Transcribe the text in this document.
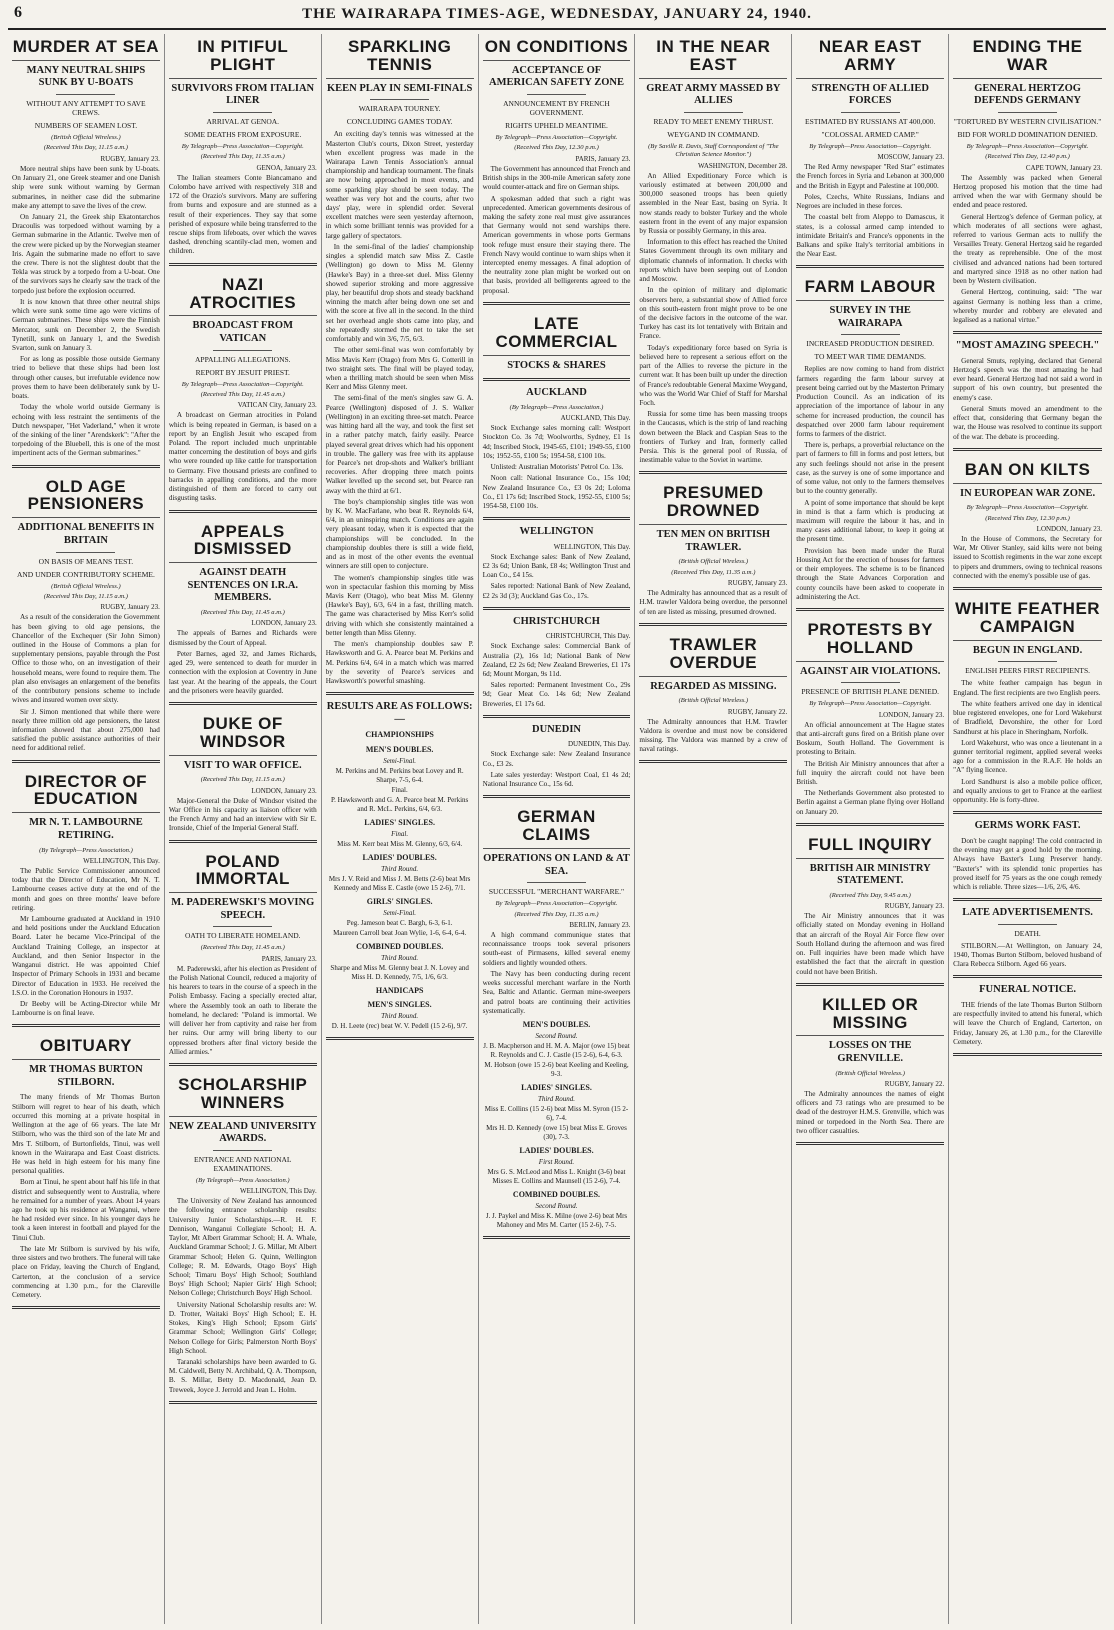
6	THE WAIRARAPA TIMES-AGE, WEDNESDAY, JANUARY 24, 1940.
MURDER AT SEA
MANY NEUTRAL SHIPS SUNK BY U-BOATS
WITHOUT ANY ATTEMPT TO SAVE CREWS.
NUMBERS OF SEAMEN LOST.
(British Official Wireless.)
(Received This Day, 11.15 a.m.)
RUGBY, January 23.

More neutral ships have been sunk by U-boats. On January 21, one Greek steamer and one Danish ship were sunk without warning by German submarines, in neither case did the submarine make any attempt to save the lives of the crew.

On January 21, the Greek ship Ekatontarchos Dracoulis was torpedoed without warning by a German submarine in the Atlantic. Twelve men of the crew were picked up by the Norwegian steamer Iris. Again the submarine made no effort to save the crew. There is not the slightest doubt that the Tekla was struck by a torpedo from a U-boat. One of the survivors says he clearly saw the track of the torpedo just before the explosion occurred.

It is now known that three other neutral ships which were sunk some time ago were victims of German submarines. These ships were the Finnish Mercator, sunk on December 2, the Swedish Tynetill, sunk on January 1, and the Swedish Svarton, sunk on January 3.

For as long as possible those outside Germany tried to believe that these ships had been lost through other causes, but irrefutable evidence now proves them to have been deliberately sunk by U-boats.

Today the whole world outside Germany is echoing with less restraint the sentiments of the Dutch newspaper, "Het Vaderland," when it wrote of the sinking of the liner "Arendskerk": "After the torpedoing of the Bluebell, this is one of the most impertinent acts of the German submarines."

OLD AGE PENSIONERS
ADDITIONAL BENEFITS IN BRITAIN
ON BASIS OF MEANS TEST.
AND UNDER CONTRIBUTORY SCHEME.
(British Official Wireless.)
(Received This Day, 11.15 a.m.)
RUGBY, January 23.

As a result of the consideration the Government has been giving to old age pensions, the Chancellor of the Exchequer (Sir John Simon) outlined in the House of Commons a plan for supplementary pensions, payable through the Post Office to those who, on an investigation of their household means, were found to require them. The plan also envisages an enlargement of the benefits of the contributory pensions scheme to include wives and insured women over sixty.

Sir J. Simon mentioned that while there were nearly three million old age pensioners, the latest information showed that about 275,000 had satisfied the public assistance authorities of their need for additional relief.

DIRECTOR OF EDUCATION
MR N. T. LAMBOURNE RETIRING.
(By Telegraph—Press Association.)
WELLINGTON, This Day.

The Public Service Commissioner announced today that the Director of Education, Mr N. T. Lambourne ceases active duty at the end of the month and goes on three months' leave before retiring.

Mr Lambourne graduated at Auckland in 1910 and held positions under the Auckland Education Board. Later he became Vice-Principal of the Auckland Training College, an inspector at Auckland, and then Senior Inspector in the Wanganui district. He was appointed Chief Inspector of Primary Schools in 1931 and became Director of Education in 1933. He received the I.S.O. in the Coronation Honours in 1937.

Dr Beeby will be Acting-Director while Mr Lambourne is on final leave.

OBITUARY
MR THOMAS BURTON STILBORN.

The many friends of Mr Thomas Burton Stilborn will regret to hear of his death, which occurred this morning at a private hospital in Wellington at the age of 66 years. The late Mr Stilborn, who was the third son of the late Mr and Mrs T. Stilborn, of Burtonfields, Tinui, was well known in the Wairarapa and East Coast districts. He was held in high esteem for his many fine personal qualities.

Born at Tinui, he spent about half his life in that district and subsequently went to Australia, where he remained for a number of years. About 14 years ago he took up his residence at Wanganui, where he had resided ever since. In his younger days he took a keen interest in football and played for the Tinui Club.

The late Mr Stilborn is survived by his wife, three sisters and two brothers. The funeral will take place on Friday, leaving the Church of England, Carterton, at the conclusion of a service commencing at 1.30 p.m., for the Clareville Cemetery.

IN PITIFUL PLIGHT
SURVIVORS FROM ITALIAN LINER
ARRIVAL AT GENOA.
SOME DEATHS FROM EXPOSURE.
By Telegraph—Press Association—Copyright.
(Received This Day, 11.35 a.m.)
GENOA, January 23.

The Italian steamers Conte Biancamano and Colombo have arrived with respectively 318 and 172 of the Orazio's survivors. Many are suffering from burns and exposure and are stunned as a result of their experiences. They say that some perished of exposure while being transferred to the rescue ships from lifeboats, over which the waves dashed, drenching scantily-clad men, women and children.

NAZI ATROCITIES
BROADCAST FROM VATICAN
APPALLING ALLEGATIONS.
REPORT BY JESUIT PRIEST.
By Telegraph—Press Association—Copyright.
(Received This Day, 11.45 a.m.)
VATICAN City, January 23.

A broadcast on German atrocities in Poland which is being repeated in German, is based on a report by an English Jesuit who escaped from Poland. The report included much unprintable matter concerning the destitution of boys and girls who were rounded up like cattle for transportation to Germany. Five thousand priests are confined to barracks in appalling conditions, and the more distinguished of them are forced to carry out disgusting tasks.

APPEALS DISMISSED
AGAINST DEATH SENTENCES ON I.R.A. MEMBERS.
(Received This Day, 11.45 a.m.)
LONDON, January 23.

The appeals of Barnes and Richards were dismissed by the Court of Appeal.

Peter Barnes, aged 32, and James Richards, aged 29, were sentenced to death for murder in connection with the explosion at Coventry in June last year. At the hearing of the appeals, the Court and the prisoners were heavily guarded.

DUKE OF WINDSOR
VISIT TO WAR OFFICE.
(Received This Day, 11.15 a.m.)
LONDON, January 23.

Major-General the Duke of Windsor visited the War Office in his capacity as liaison officer with the French Army and had an interview with Sir E. Ironside, Chief of the Imperial General Staff.

POLAND IMMORTAL
M. PADEREWSKI'S MOVING SPEECH.
OATH TO LIBERATE HOMELAND.
(Received This Day, 11.45 a.m.)
PARIS, January 23.

M. Paderewski, after his election as President of the Polish National Council, reduced a majority of his hearers to tears in the course of a speech in the Polish Embassy. Facing a specially erected altar, where the Assembly took an oath to liberate the homeland, he declared: "Poland is immortal. We will deliver her from captivity and raise her from her ruins. Our army will bring liberty to our oppressed brothers after final victory beside the Allied armies."

SCHOLARSHIP WINNERS
NEW ZEALAND UNIVERSITY AWARDS.
ENTRANCE AND NATIONAL EXAMINATIONS.
(By Telegraph—Press Association.)
WELLINGTON, This Day.

The University of New Zealand has announced the following entrance scholarship results: University Junior Scholarships.—R. H. F. Dennison, Wanganui Collegiate School; H. A. Taylor, Mt Albert Grammar School; H. A. Whale, Auckland Grammar School; J. G. Millar, Mt Albert Grammar School; Helen G. Quinn, Wellington College; R. M. Edwards, Otago Boys' High School; Timaru Boys' High School; Southland Boys' High School; Napier Girls' High School; Nelson College; Christchurch Boys' High School.

University National Scholarship results are: W. D. Trotter, Waitaki Boys' High School; E. H. Stokes, King's High School; Epsom Girls' Grammar School; Wellington Girls' College; Nelson College for Girls; Palmerston North Boys' High School.

Taranaki scholarships have been awarded to G. M. Caldwell, Betty N. Archibald, Q. A. Thompson, B. S. Millar, Betty D. Macdonald, Jean D. Treweek, Joyce J. Jerrold and Jean L. Holm.

SPARKLING TENNIS
KEEN PLAY IN SEMI-FINALS
WAIRARAPA TOURNEY.
CONCLUDING GAMES TODAY.

An exciting day's tennis was witnessed at the Masterton Club's courts, Dixon Street, yesterday when excellent progress was made in the Wairarapa Lawn Tennis Association's annual championship and handicap tournament. The finals are now being approached in most events, and some sparkling play should be seen today. The weather was very hot and the courts, after two days' play, were in splendid order. Several excellent matches were seen yesterday afternoon, in which some brilliant tennis was provided for a large gallery of spectators.

In the semi-final of the ladies' championship singles a splendid match saw Miss Z. Castle (Wellington) go down to Miss M. Glenny (Hawke's Bay) in a three-set duel. Miss Glenny showed superior stroking and more aggressive play, her beautiful drop shots and steady backhand winning the match after being down one set and with the score at five all in the second. In the third set her overhead angle shots came into play, and she repeatedly stormed the net to take the set comfortably and win 3/6, 7/5, 6/3.

The other semi-final was won comfortably by Miss Mavis Kerr (Otago) from Mrs G. Cotterill in two straight sets. The final will be played today, when a thrilling match should be seen when Miss Kerr and Miss Glenny meet.

The semi-final of the men's singles saw G. A. Pearce (Wellington) disposed of J. S. Walker (Wellington) in an exciting three-set match. Pearce was hitting hard all the way, and took the first set in a rather patchy match, fairly easily. Pearce played several great drives which had his opponent in trouble. The gallery was free with its applause for Pearce's net drop-shots and Walker's brilliant recoveries. After dropping three match points Walker levelled up the second set, but Pearce ran away with the third at 6/1.

The boy's championship singles title was won by K. W. MacFarlane, who beat R. Reynolds 6/4, 6/4, in an uninspiring match. Conditions are again very pleasant today, when it is expected that the championships will be concluded. In the championship doubles there is still a wide field, and as in most of the other events the eventual winners are still open to conjecture.

The women's championship singles title was won in spectacular fashion this morning by Miss Mavis Kerr (Otago), who beat Miss M. Glenny (Hawke's Bay), 6/3, 6/4 in a fast, thrilling match. The game was characterised by Miss Kerr's solid driving with which she consistently maintained a better length than Miss Glenny.

The men's championship doubles saw P. Hawksworth and G. A. Pearce beat M. Perkins and M. Perkins 6/4, 6/4 in a match which was marred by the severity of Pearce's services and Hawksworth's powerful smashing.

RESULTS ARE AS FOLLOWS:—
CHAMPIONSHIPS
MEN'S DOUBLES.
Semi-Final.
M. Perkins and M. Perkins beat Lovey and R. Sharpe, 7-5, 6-4.
Final.
P. Hawksworth and G. A. Pearce beat M. Perkins and R. McL. Perkins, 6/4, 6/3.
LADIES' SINGLES.
Final.
Miss M. Kerr beat Miss M. Glenny, 6/3, 6/4.
LADIES' DOUBLES.
Third Round.
Mrs J. V. Reid and Miss J. M. Betts (2-6) beat Mrs Kennedy and Miss E. Castle (owe 15 2-6), 7/1.
GIRLS' SINGLES.
Semi-Final.
Peg. Jameson beat C. Bargh, 6-3, 6-1.
Maureen Carroll beat Joan Wylie, 1-6, 6-4, 6-4.
COMBINED DOUBLES.
Third Round.
Sharpe and Miss M. Glenny beat J. N. Lovey and Miss H. D. Kennedy, 7/5, 1/6, 6/3.
HANDICAPS
MEN'S SINGLES.
Third Round.
D. H. Leete (rec) beat W. V. Pedell (15 2-6), 9/7.
ON CONDITIONS
ACCEPTANCE OF AMERICAN SAFETY ZONE
ANNOUNCEMENT BY FRENCH GOVERNMENT.
RIGHTS UPHELD MEANTIME.
By Telegraph—Press Association—Copyright.
(Received This Day, 12.30 p.m.)
PARIS, January 23.

The Government has announced that French and British ships in the 300-mile American safety zone would counter-attack and fire on German ships.

A spokesman added that such a right was unprecedented. American governments desirous of making the safety zone real must give assurances that Germany would not send warships there. American governments in whose ports Germans took refuge must ensure their staying there. The French Navy would continue to warn ships when it intercepted enemy messages. A final adoption of the neutrality zone plan might be worked out on that basis, provided all belligerents agreed to the proposal.

LATE COMMERCIAL
STOCKS & SHARES
AUCKLAND
(By Telegraph—Press Association.)
AUCKLAND, This Day.

Stock Exchange sales morning call: Westport Stockton Co. 3s 7d; Woolworths, Sydney, £1 1s 4d; Inscribed Stock, 1945-65, £101; 1949-55, £100 10s; 1952-55, £100 5s; 1954-58, £100 10s.

Unlisted: Australian Motorists' Petrol Co. 13s.

Noon call: National Insurance Co., 15s 10d; New Zealand Insurance Co., £3 0s 2d; Loloma Co., £1 17s 6d; Inscribed Stock, 1952-55, £100 5s; 1954-58, £100 10s.

WELLINGTON
WELLINGTON, This Day.

Stock Exchange sales: Bank of New Zealand, £2 3s 6d; Union Bank, £8 4s; Wellington Trust and Loan Co., £4 15s.

Sales reported: National Bank of New Zealand, £2 2s 3d (3); Auckland Gas Co., 17s.

CHRISTCHURCH
CHRISTCHURCH, This Day.

Stock Exchange sales: Commercial Bank of Australia (2), 16s 1d; National Bank of New Zealand, £2 2s 6d; New Zealand Breweries, £1 17s 6d; Mount Morgan, 9s 11d.

Sales reported: Permanent Investment Co., 29s 9d; Gear Meat Co. 14s 6d; New Zealand Breweries, £1 17s 6d.

DUNEDIN
DUNEDIN, This Day.

Stock Exchange sale: New Zealand Insurance Co., £3 2s.

Late sales yesterday: Westport Coal, £1 4s 2d; National Insurance Co., 15s 6d.

GERMAN CLAIMS
OPERATIONS ON LAND & AT SEA.
SUCCESSFUL "MERCHANT WARFARE."
By Telegraph—Press Association—Copyright.
(Received This Day, 11.35 a.m.)
BERLIN, January 23.

A high command communique states that reconnaissance troops took several prisoners south-east of Pirmasens, killed several enemy soldiers and lightly wounded others.

The Navy has been conducting during recent weeks successful merchant warfare in the North Sea, Baltic and Atlantic. German mine-sweepers and patrol boats are continuing their activities systematically.

MEN'S DOUBLES.
Second Round.
J. B. Macpherson and H. M. A. Major (owe 15) beat R. Reynolds and C. J. Castle (15 2-6), 6-4, 6-3.
M. Hobson (owe 15 2-6) beat Keeling and Keeling, 9-3.
LADIES' SINGLES.
Third Round.
Miss E. Collins (15 2-6) beat Miss M. Syron (15 2-6), 7-4.
Mrs H. D. Kennedy (owe 15) beat Miss E. Groves (30), 7-3.
LADIES' DOUBLES.
First Round.
Mrs G. S. McLeod and Miss L. Knight (3-6) beat Misses E. Collins and Maunsell (15 2-6), 7-4.
COMBINED DOUBLES.
Second Round.
J. J. Paykel and Miss K. Milne (owe 2-6) beat Mrs Mahoney and Mrs M. Carter (15 2-6), 7-5.
IN THE NEAR EAST
GREAT ARMY MASSED BY ALLIES
READY TO MEET ENEMY THRUST.
WEYGAND IN COMMAND.
(By Saville R. Davis, Staff Correspondent of "The Christian Science Monitor.")
WASHINGTON, December 28.

An Allied Expeditionary Force which is variously estimated at between 200,000 and 300,000 seasoned troops has been quietly assembled in the Near East, basing on Syria. It now stands ready to bolster Turkey and the whole eastern front in the event of any major expansion by Russia or possibly Germany, in this area.

Information to this effect has reached the United States Government through its own military and diplomatic channels of information. It checks with reports which have been seeping out of London and Moscow.

In the opinion of military and diplomatic observers here, a substantial show of Allied force on this south-eastern front might prove to be one of the decisive factors in the outcome of the war. Turkey has cast its lot tentatively with Britain and France.

Today's expeditionary force based on Syria is believed here to represent a serious effort on the part of the Allies to reverse the picture in the current war. It has been built up under the direction of France's redoubtable General Maxime Weygand, who was the World War Chief of Staff for Marshal Foch.

Russia for some time has been massing troops in the Caucasus, which is the strip of land reaching down between the Black and Caspian Seas to the frontiers of Turkey and Iran, formerly called Persia. This is the general pool of Russia, of inestimable value to the Soviet in wartime.

PRESUMED DROWNED
TEN MEN ON BRITISH TRAWLER.
(British Official Wireless.)
(Received This Day, 11.35 a.m.)
RUGBY, January 23.

The Admiralty has announced that as a result of H.M. trawler Valdora being overdue, the personnel of ten are listed as missing, presumed drowned.

TRAWLER OVERDUE
REGARDED AS MISSING.
(British Official Wireless.)
RUGBY, January 22.

The Admiralty announces that H.M. Trawler Valdora is overdue and must now be considered missing. The Valdora was manned by a crew of naval ratings.

NEAR EAST ARMY
STRENGTH OF ALLIED FORCES
ESTIMATED BY RUSSIANS AT 400,000.
"COLOSSAL ARMED CAMP."
By Telegraph—Press Association—Copyright.
MOSCOW, January 23.

The Red Army newspaper "Red Star" estimates the French forces in Syria and Lebanon at 300,000 and the British in Egypt and Palestine at 100,000.

Poles, Czechs, White Russians, Indians and Negroes are included in these forces.

The coastal belt from Aleppo to Damascus, it states, is a colossal armed camp intended to intimidate Britain's and France's opponents in the Balkans and spike Italy's territorial ambitions in the Near East.

FARM LABOUR
SURVEY IN THE WAIRARAPA
INCREASED PRODUCTION DESIRED.
TO MEET WAR TIME DEMANDS.

Replies are now coming to hand from district farmers regarding the farm labour survey at present being carried out by the Masterton Primary Production Council. As an indication of its appreciation of the importance of labour in any scheme for increased production, the council has despatched over 2000 farm labour requirement forms to farmers of the district.

There is, perhaps, a proverbial reluctance on the part of farmers to fill in forms and post letters, but any such feelings should not arise in the present case, as the survey is one of some importance and of some value, not only to the farmers themselves but to the country generally.

A point of some importance that should be kept in mind is that a farm which is producing at maximum will require the labour it has, and in many cases additional labour, to keep it going at the present time.

Provision has been made under the Rural Housing Act for the erection of houses for farmers or their employees. The scheme is to be financed through the State Advances Corporation and county councils have been asked to cooperate in administering the Act.

PROTESTS BY HOLLAND
AGAINST AIR VIOLATIONS.
PRESENCE OF BRITISH PLANE DENIED.
By Telegraph—Press Association—Copyright.
LONDON, January 23.

An official announcement at The Hague states that anti-aircraft guns fired on a British plane over Boskum, South Holland. The Government is protesting to Britain.

The British Air Ministry announces that after a full inquiry the aircraft could not have been British.

The Netherlands Government also protested to Berlin against a German plane flying over Holland on January 20.

FULL INQUIRY
BRITISH AIR MINISTRY STATEMENT.
(Received This Day, 9.45 a.m.)
RUGBY, January 23.

The Air Ministry announces that it was officially stated on Monday evening in Holland that an aircraft of the Royal Air Force flew over South Holland during the afternoon and was fired on. Full inquiries have been made which have established the fact that the aircraft in question could not have been British.

KILLED OR MISSING
LOSSES ON THE GRENVILLE.
(British Official Wireless.)
RUGBY, January 22.

The Admiralty announces the names of eight officers and 73 ratings who are presumed to be dead of the destroyer H.M.S. Grenville, which was mined or torpedoed in the North Sea. There are two officer casualties.

ENDING THE WAR
GENERAL HERTZOG DEFENDS GERMANY
"TORTURED BY WESTERN CIVILISATION."
BID FOR WORLD DOMINATION DENIED.
By Telegraph—Press Association—Copyright.
(Received This Day, 12.40 p.m.)
CAPE TOWN, January 23.

The Assembly was packed when General Hertzog proposed his motion that the time had arrived when the war with Germany should be ended and peace restored.

General Hertzog's defence of German policy, at which moderates of all sections were aghast, referred to various German acts to nullify the Versailles Treaty. General Hertzog said he regarded the treaty as reprehensible. One of the most civilised and advanced nations had been tortured and martyred since 1918 as no other nation had been by Western civilisation.

General Hertzog, continuing, said: "The war against Germany is nothing less than a crime, whereby murder and robbery are elevated and legalised as a national virtue."

"MOST AMAZING SPEECH."

General Smuts, replying, declared that General Hertzog's speech was the most amazing he had ever heard. General Hertzog had not said a word in support of his own country, but presented the enemy's case.

General Smuts moved an amendment to the effect that, considering that Germany began the war, the House was resolved to continue its support of the war. The debate is proceeding.

BAN ON KILTS
IN EUROPEAN WAR ZONE.
By Telegraph—Press Association—Copyright.
(Received This Day, 12.30 p.m.)
LONDON, January 23.

In the House of Commons, the Secretary for War, Mr Oliver Stanley, said kilts were not being issued to Scottish regiments in the war zone except to pipers and drummers, owing to technical reasons connected with the enemy's possible use of gas.

WHITE FEATHER CAMPAIGN
BEGUN IN ENGLAND.
ENGLISH PEERS FIRST RECIPIENTS.

The white feather campaign has begun in England. The first recipients are two English peers.

The white feathers arrived one day in identical blue registered envelopes, one for Lord Wakehurst of Bradfield, Devonshire, the other for Lord Sandhurst at his place in Sheringham, Norfolk.

Lord Wakehurst, who was once a lieutenant in a gunner territorial regiment, applied several weeks ago for a commission in the R.A.F. He holds an "A" flying licence.

Lord Sandhurst is also a mobile police officer, and equally anxious to get to France at the earliest opportunity. He is forty-three.

GERMS WORK FAST.

Don't be caught napping! The cold contracted in the evening may get a good hold by the morning. Always have Baxter's Lung Preserver handy. "Baxter's" with its splendid tonic properties has proved itself for 75 years as the one cough remedy which is reliable. Three sizes—1/6, 2/6, 4/6.

LATE ADVERTISEMENTS.
DEATH.

STILBORN.—At Wellington, on January 24, 1940, Thomas Burton Stilborn, beloved husband of Clara Rebecca Stilborn. Aged 66 years.

FUNERAL NOTICE.

THE friends of the late Thomas Burton Stilborn are respectfully invited to attend his funeral, which will leave the Church of England, Carterton, on Friday, January 26, at 1.30 p.m., for the Clareville Cemetery.
